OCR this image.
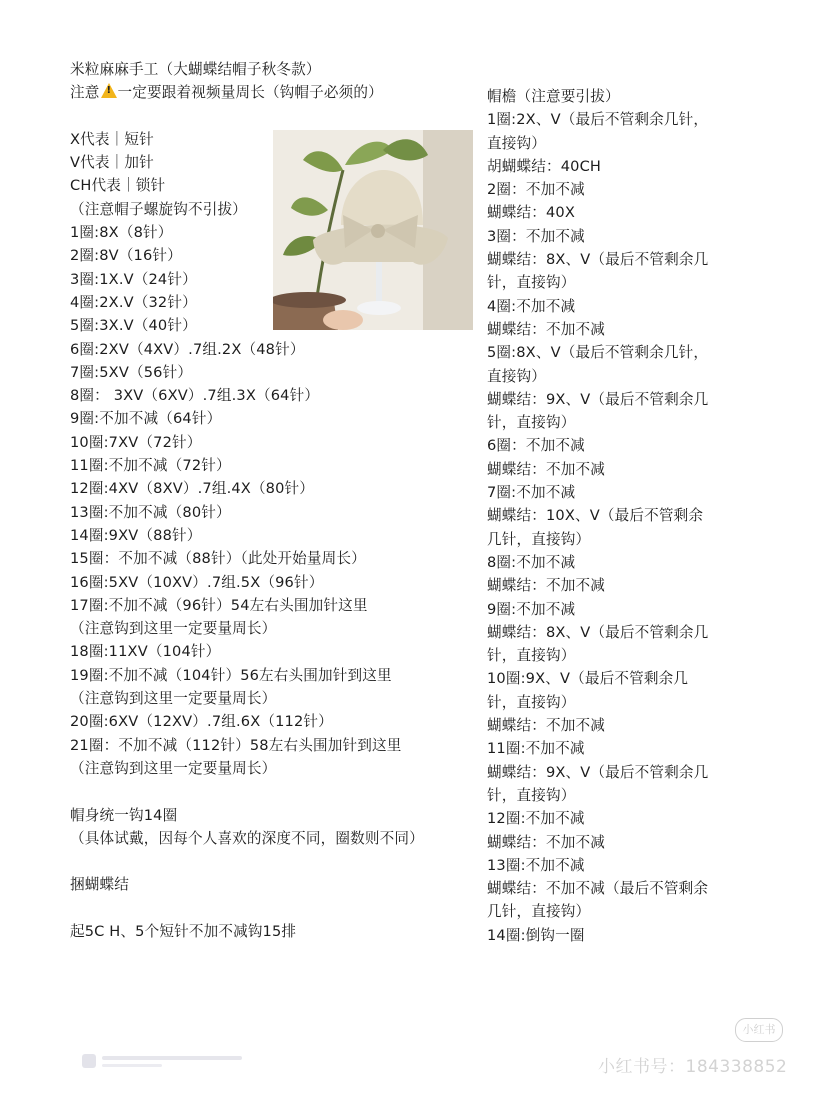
米粒麻麻手工（大蝴蝶结帽子秋冬款）
注意 ! 一定要跟着视频量周长（钩帽子必须的）
X代表｜短针
V代表｜加针
CH代表｜锁针
（注意帽子螺旋钩不引拔）
1圈:8X（8针）
2圈:8V（16针）
3圈:1X.V（24针）
4圈:2X.V（32针）
5圈:3X.V（40针）
6圈:2XV（4XV）.7组.2X（48针）
7圈:5XV（56针）
8圈： 3XV（6XV）.7组.3X（64针）
9圈:不加不减（64针）
10圈:7XV（72针）
11圈:不加不减（72针）
12圈:4XV（8XV）.7组.4X（80针）
13圈:不加不减（80针）
14圈:9XV（88针）
15圈：不加不减（88针）（此处开始量周长）
16圈:5XV（10XV）.7组.5X（96针）
17圈:不加不减（96针）54左右头围加针这里
（注意钩到这里一定要量周长）
18圈:11XV（104针）
19圈:不加不减（104针）56左右头围加针到这里
（注意钩到这里一定要量周长）
20圈:6XV（12XV）.7组.6X（112针）
21圈：不加不减（112针）58左右头围加针到这里
（注意钩到这里一定要量周长）
帽身统一钩14圈
（具体试戴，因每个人喜欢的深度不同，圈数则不同）
捆蝴蝶结
起5C H、5个短针不加不减钩15排
帽檐（注意要引拔）
1圈:2X、V（最后不管剩余几针，
直接钩）
胡蝴蝶结：40CH
2圈：不加不减
蝴蝶结：40X
3圈：不加不减
蝴蝶结：8X、V（最后不管剩余几
针，直接钩）
4圈:不加不减
蝴蝶结：不加不减
5圈:8X、V（最后不管剩余几针，
直接钩）
蝴蝶结：9X、V（最后不管剩余几
针，直接钩）
6圈：不加不减
蝴蝶结：不加不减
7圈:不加不减
蝴蝶结：10X、V（最后不管剩余
几针，直接钩）
8圈:不加不减
蝴蝶结：不加不减
9圈:不加不减
蝴蝶结：8X、V（最后不管剩余几
针，直接钩）
10圈:9X、V（最后不管剩余几
针，直接钩）
蝴蝶结：不加不减
11圈:不加不减
蝴蝶结：9X、V（最后不管剩余几
针，直接钩）
12圈:不加不减
蝴蝶结：不加不减
13圈:不加不减
蝴蝶结：不加不减（最后不管剩余
几针，直接钩）
14圈:倒钩一圈
小红书
小红书号：184338852
